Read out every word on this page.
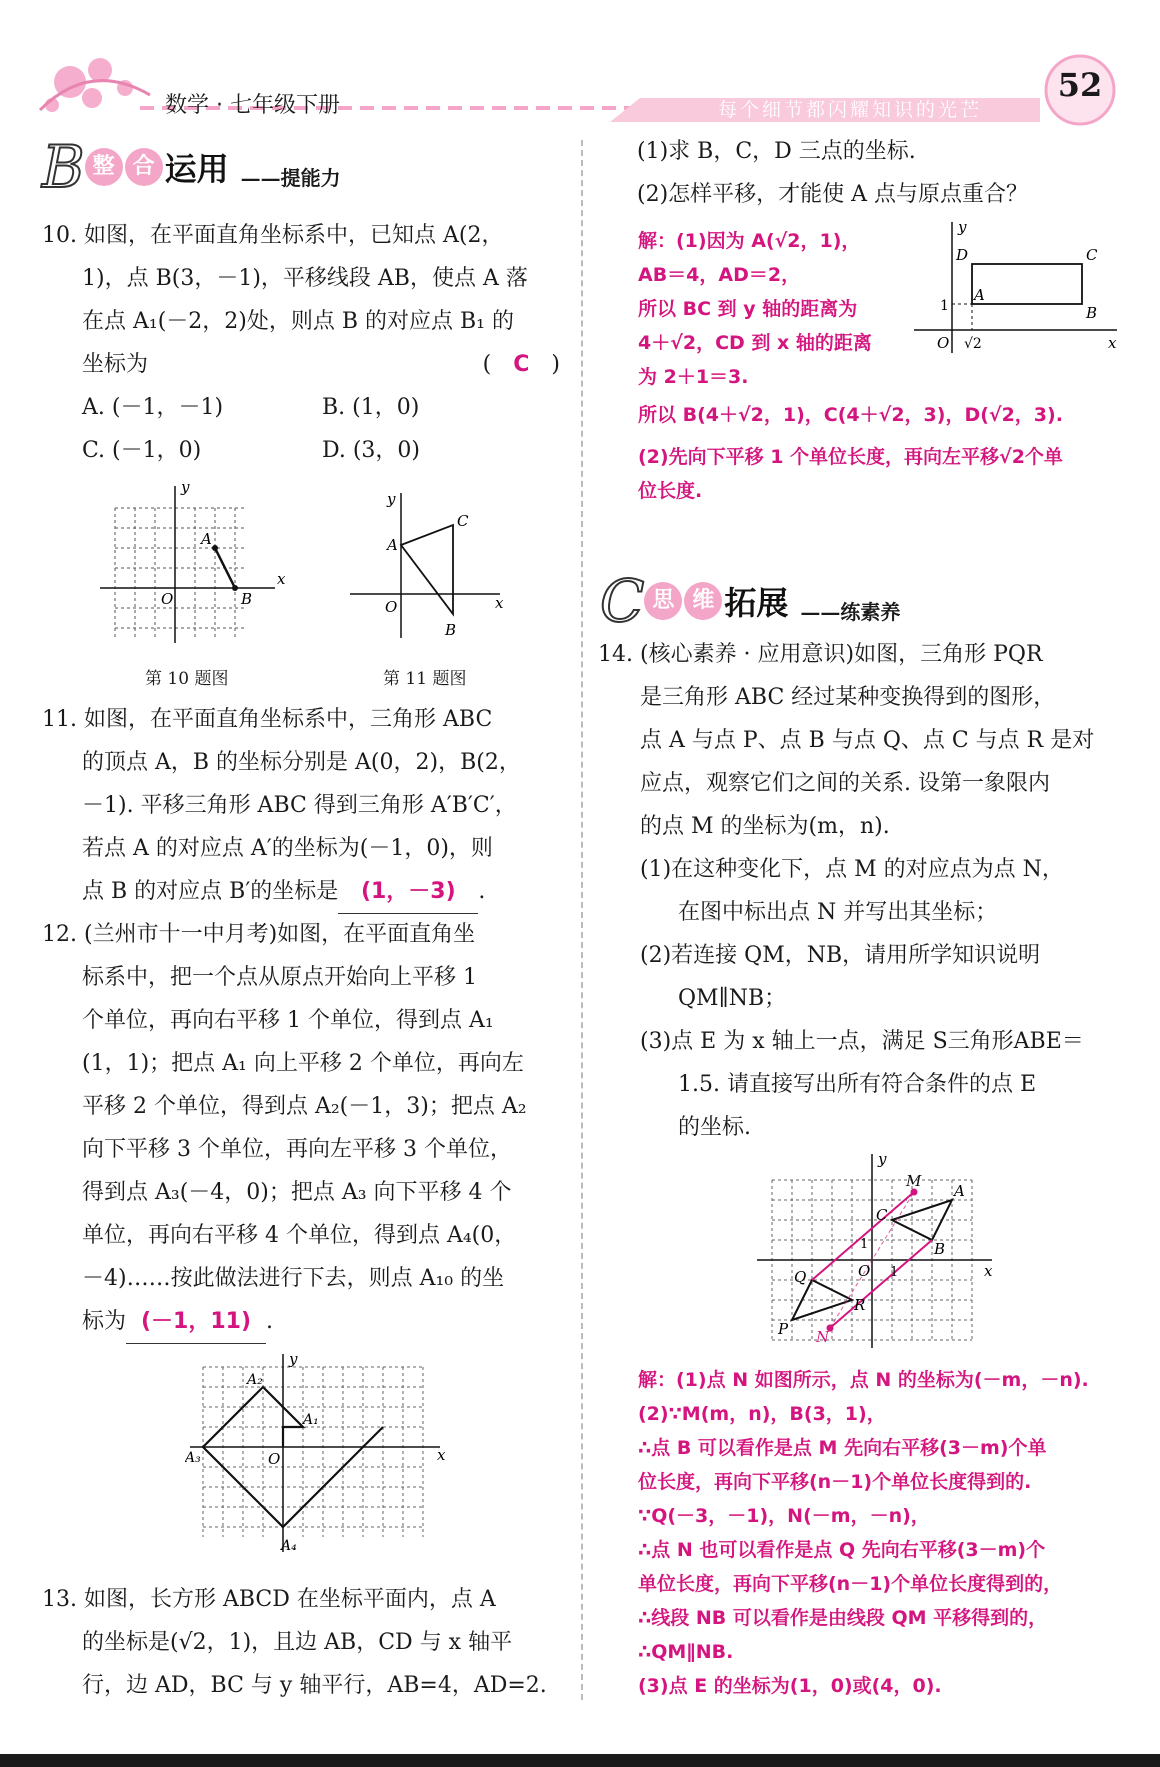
数学 · 七年级下册	每个细节都闪耀知识的光芒
52
B 整 合 运用 ——提能力
10. 如图，在平面直角坐标系中，已知点 A(2，
1)，点 B(3，－1)，平移线段 AB，使点 A 落
在点 A₁(－2，2)处，则点 B 的对应点 B₁ 的
坐标为	(　 C　 )
A. (－1，－1)	B. (1，0)
C. (－1，0)	D. (3，0)
x
y
O
A
B
第 10 题图
x
y
O
A
C
B
第 11 题图
11. 如图，在平面直角坐标系中，三角形 ABC
的顶点 A，B 的坐标分别是 A(0，2)，B(2，
－1). 平移三角形 ABC 得到三角形 A′B′C′，
若点 A 的对应点 A′的坐标为(－1，0)，则
点 B 的对应点 B′的坐标是 (1，－3) .
12. (兰州市十一中月考)如图，在平面直角坐
标系中，把一个点从原点开始向上平移 1
个单位，再向右平移 1 个单位，得到点 A₁
(1，1)；把点 A₁ 向上平移 2 个单位，再向左
平移 2 个单位，得到点 A₂(－1，3)；把点 A₂
向下平移 3 个单位，再向左平移 3 个单位，
得到点 A₃(－4，0)；把点 A₃ 向下平移 4 个
单位，再向右平移 4 个单位，得到点 A₄(0，
－4)……按此做法进行下去，则点 A₁₀ 的坐
标为 (－1，11) .
x
y
O
A₁
A₂
A₃
A₄
13. 如图，长方形 ABCD 在坐标平面内，点 A
的坐标是(√2，1)，且边 AB，CD 与 x 轴平
行，边 AD，BC 与 y 轴平行，AB=4，AD=2.
(1)求 B，C，D 三点的坐标.
(2)怎样平移，才能使 A 点与原点重合？
解：(1)因为 A(√2，1)，
AB＝4，AD＝2，
所以 BC 到 y 轴的距离为
4＋√2，CD 到 x 轴的距离
为 2＋1＝3.
所以 B(4＋√2，1)，C(4＋√2，3)，D(√2，3).
(2)先向下平移 1 个单位长度，再向左平移√2个单
位长度.
x
y
O
1
√2
D
A
C
B
C 思 维 拓展 ——练素养
14. (核心素养 · 应用意识)如图，三角形 PQR
是三角形 ABC 经过某种变换得到的图形，
点 A 与点 P、点 B 与点 Q、点 C 与点 R 是对
应点，观察它们之间的关系. 设第一象限内
的点 M 的坐标为(m，n).
(1)在这种变化下，点 M 的对应点为点 N，
在图中标出点 N 并写出其坐标；
(2)若连接 QM，NB，请用所学知识说明
QM∥NB；
(3)点 E 为 x 轴上一点，满足 S三角形ABE＝
1.5. 请直接写出所有符合条件的点 E
的坐标.
x
y
O
1
1
M
A
C
B
Q
R
P N
解：(1)点 N 如图所示，点 N 的坐标为(－m，－n).
(2)∵M(m，n)，B(3，1)，
∴点 B 可以看作是点 M 先向右平移(3－m)个单
位长度，再向下平移(n－1)个单位长度得到的.
∵Q(－3，－1)，N(－m，－n)，
∴点 N 也可以看作是点 Q 先向右平移(3－m)个
单位长度，再向下平移(n－1)个单位长度得到的，
∴线段 NB 可以看作是由线段 QM 平移得到的，
∴QM∥NB.
(3)点 E 的坐标为(1，0)或(4，0).
